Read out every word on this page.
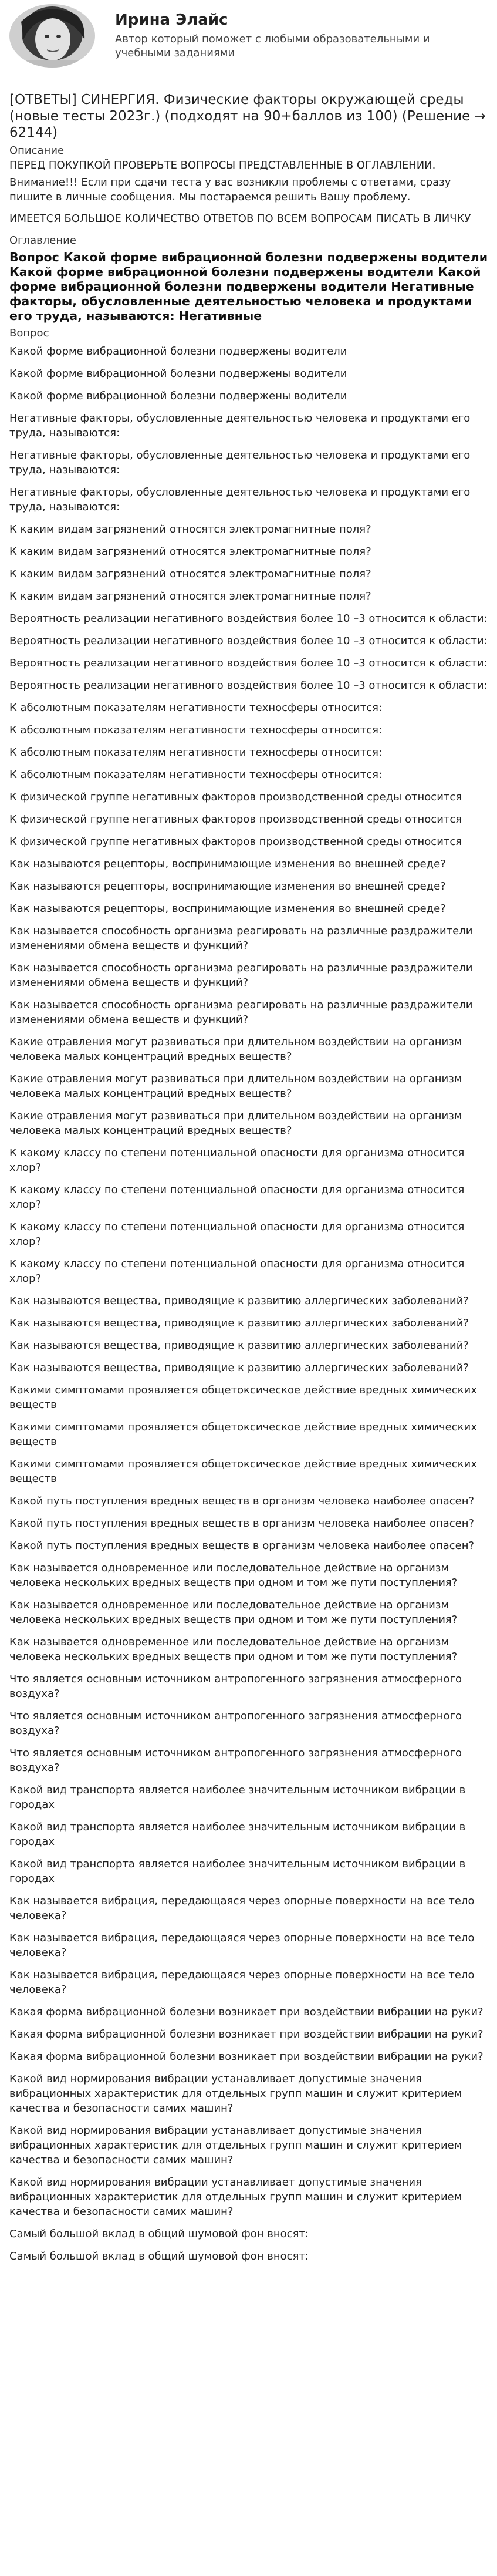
Ирина Элайс
Автор который поможет с любыми образовательными и учебными заданиями
[ОТВЕТЫ] СИНЕРГИЯ. Физические факторы окружающей среды (новые тесты 2023г.) (подходят на 90+баллов из 100) (Решение → 62144)
Описание
ПЕРЕД ПОКУПКОЙ ПРОВЕРЬТЕ ВОПРОСЫ ПРЕДСТАВЛЕННЫЕ В ОГЛАВЛЕНИИ.
Внимание!!! Если при сдачи теста у вас возникли проблемы с ответами, сразу пишите в личные сообщения. Мы постараемся решить Вашу проблему.
ИМЕЕТСЯ БОЛЬШОЕ КОЛИЧЕСТВО ОТВЕТОВ ПО ВСЕМ ВОПРОСАМ ПИСАТЬ В ЛИЧКУ
Оглавление
Вопрос Какой форме вибрационной болезни подвержены водители Какой форме вибрационной болезни подвержены водители Какой форме вибрационной болезни подвержены водители Негативные факторы, обусловленные деятельностью человека и продуктами его труда, называются: Негативные
Вопрос
Какой форме вибрационной болезни подвержены водители
Какой форме вибрационной болезни подвержены водители
Какой форме вибрационной болезни подвержены водители
Негативные факторы, обусловленные деятельностью человека и продуктами его труда, называются:
Негативные факторы, обусловленные деятельностью человека и продуктами его труда, называются:
Негативные факторы, обусловленные деятельностью человека и продуктами его труда, называются:
К каким видам загрязнений относятся электромагнитные поля?
К каким видам загрязнений относятся электромагнитные поля?
К каким видам загрязнений относятся электромагнитные поля?
К каким видам загрязнений относятся электромагнитные поля?
Вероятность реализации негативного воздействия более 10 –3 относится к области:
Вероятность реализации негативного воздействия более 10 –3 относится к области:
Вероятность реализации негативного воздействия более 10 –3 относится к области:
Вероятность реализации негативного воздействия более 10 –3 относится к области:
К абсолютным показателям негативности техносферы относится:
К абсолютным показателям негативности техносферы относится:
К абсолютным показателям негативности техносферы относится:
К абсолютным показателям негативности техносферы относится:
К физической группе негативных факторов производственной среды относится
К физической группе негативных факторов производственной среды относится
К физической группе негативных факторов производственной среды относится
Как называются рецепторы, воспринимающие изменения во внешней среде?
Как называются рецепторы, воспринимающие изменения во внешней среде?
Как называются рецепторы, воспринимающие изменения во внешней среде?
Как называется способность организма реагировать на различные раздражители изменениями обмена веществ и функций?
Как называется способность организма реагировать на различные раздражители изменениями обмена веществ и функций?
Как называется способность организма реагировать на различные раздражители изменениями обмена веществ и функций?
Какие отравления могут развиваться при длительном воздействии на организм человека малых концентраций вредных веществ?
Какие отравления могут развиваться при длительном воздействии на организм человека малых концентраций вредных веществ?
Какие отравления могут развиваться при длительном воздействии на организм человека малых концентраций вредных веществ?
К какому классу по степени потенциальной опасности для организма относится хлор?
К какому классу по степени потенциальной опасности для организма относится хлор?
К какому классу по степени потенциальной опасности для организма относится хлор?
К какому классу по степени потенциальной опасности для организма относится хлор?
Как называются вещества, приводящие к развитию аллергических заболеваний?
Как называются вещества, приводящие к развитию аллергических заболеваний?
Как называются вещества, приводящие к развитию аллергических заболеваний?
Как называются вещества, приводящие к развитию аллергических заболеваний?
Какими симптомами проявляется общетоксическое действие вредных химических веществ
Какими симптомами проявляется общетоксическое действие вредных химических веществ
Какими симптомами проявляется общетоксическое действие вредных химических веществ
Какой путь поступления вредных веществ в организм человека наиболее опасен?
Какой путь поступления вредных веществ в организм человека наиболее опасен?
Какой путь поступления вредных веществ в организм человека наиболее опасен?
Как называется одновременное или последовательное действие на организм человека нескольких вредных веществ при одном и том же пути поступления?
Как называется одновременное или последовательное действие на организм человека нескольких вредных веществ при одном и том же пути поступления?
Как называется одновременное или последовательное действие на организм человека нескольких вредных веществ при одном и том же пути поступления?
Что является основным источником антропогенного загрязнения атмосферного воздуха?
Что является основным источником антропогенного загрязнения атмосферного воздуха?
Что является основным источником антропогенного загрязнения атмосферного воздуха?
Какой вид транспорта является наиболее значительным источником вибрации в городах
Какой вид транспорта является наиболее значительным источником вибрации в городах
Какой вид транспорта является наиболее значительным источником вибрации в городах
Как называется вибрация, передающаяся через опорные поверхности на все тело человека?
Как называется вибрация, передающаяся через опорные поверхности на все тело человека?
Как называется вибрация, передающаяся через опорные поверхности на все тело человека?
Какая форма вибрационной болезни возникает при воздействии вибрации на руки?
Какая форма вибрационной болезни возникает при воздействии вибрации на руки?
Какая форма вибрационной болезни возникает при воздействии вибрации на руки?
Какой вид нормирования вибрации устанавливает допустимые значения вибрационных характеристик для отдельных групп машин и служит критерием качества и безопасности самих машин?
Какой вид нормирования вибрации устанавливает допустимые значения вибрационных характеристик для отдельных групп машин и служит критерием качества и безопасности самих машин?
Какой вид нормирования вибрации устанавливает допустимые значения вибрационных характеристик для отдельных групп машин и служит критерием качества и безопасности самих машин?
Самый большой вклад в общий шумовой фон вносят:
Самый большой вклад в общий шумовой фон вносят:
